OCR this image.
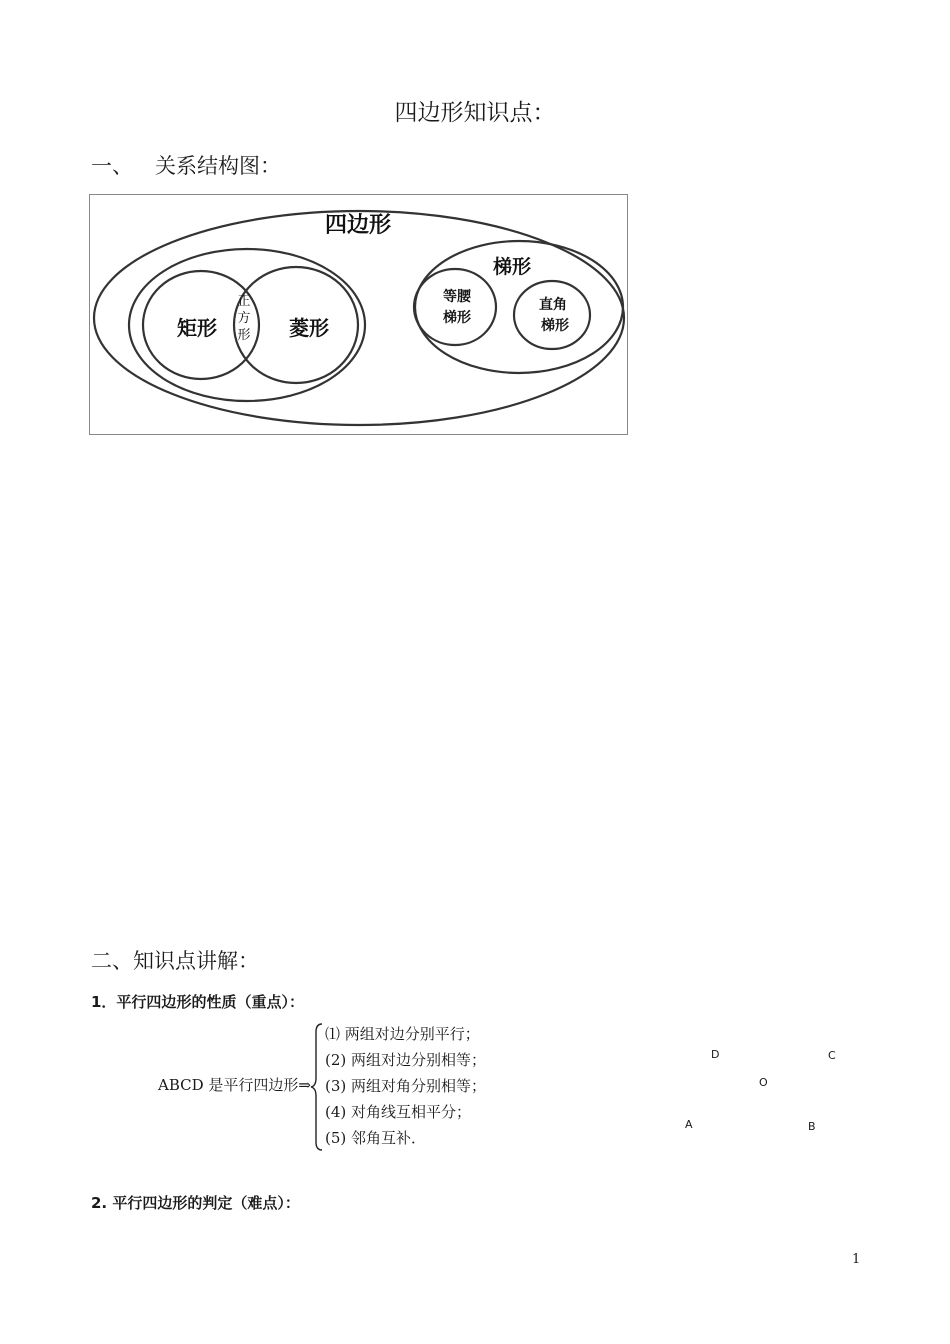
四边形知识点：
一、 关系结构图：
四边形
矩形	菱形
正
方
形
梯形
等腰
梯形
直角
梯形
二、知识点讲解：
1．平行四边形的性质（重点）：
ABCD 是平行四边形⇒
⑴ 两组对边分别平行；
(2) 两组对边分别相等；
(3) 两组对角分别相等；
(4) 对角线互相平分；
(5) 邻角互补．
D	C
O
A	B
2. 平行四边形的判定（难点）：
1
